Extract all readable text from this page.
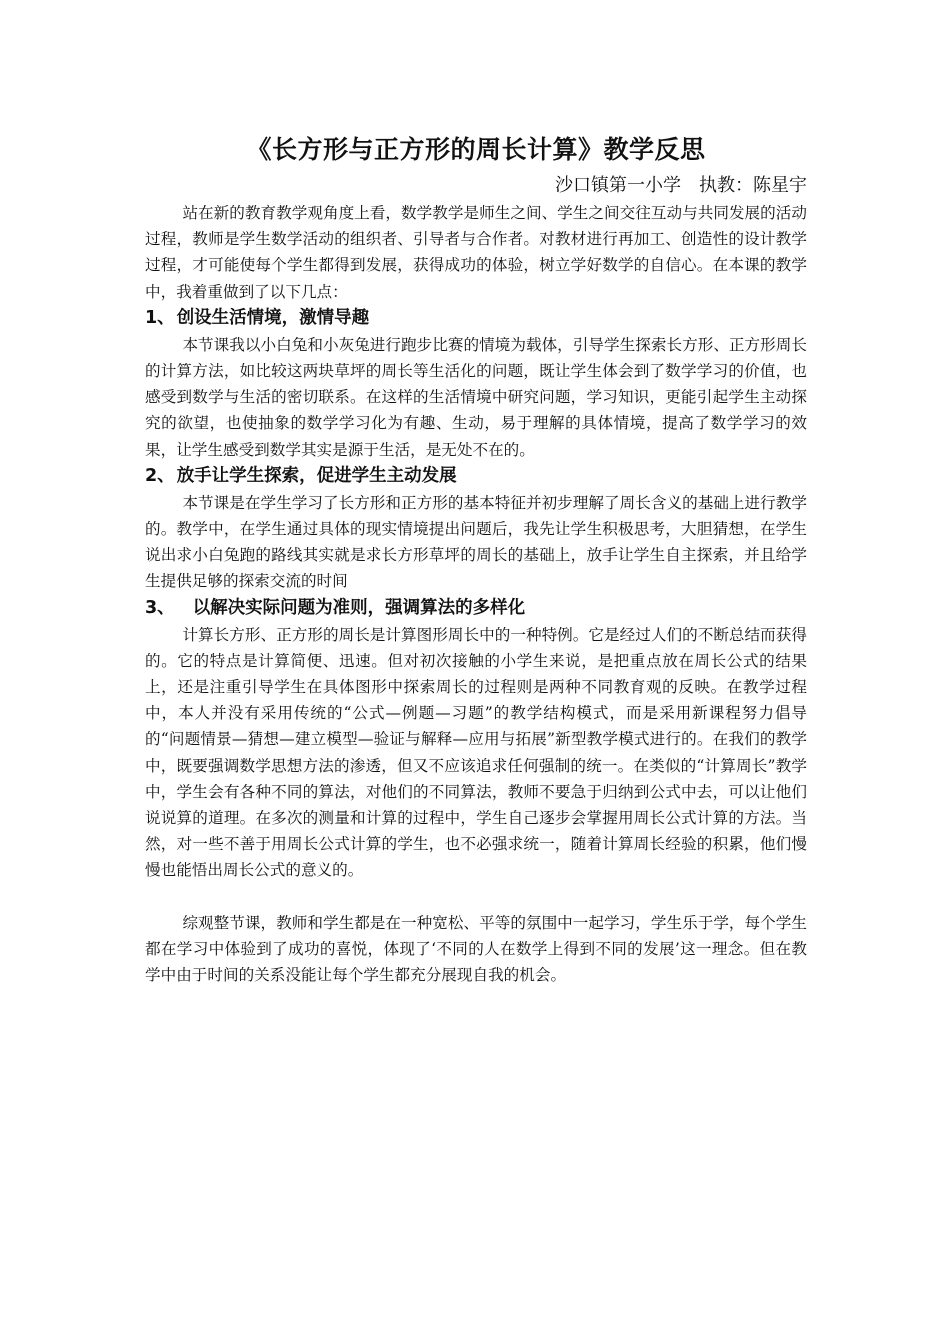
《长方形与正方形的周长计算》教学反思

沙口镇第一小学　执教：陈星宇

站在新的教育教学观角度上看，数学教学是师生之间、学生之间交往互动与共同发展的活动过程，教师是学生数学活动的组织者、引导者与合作者。对教材进行再加工、创造性的设计教学过程，才可能使每个学生都得到发展，获得成功的体验，树立学好数学的自信心。在本课的教学中，我着重做到了以下几点：

1、 创设生活情境，激情导趣

本节课我以小白兔和小灰兔进行跑步比赛的情境为载体，引导学生探索长方形、正方形周长的计算方法，如比较这两块草坪的周长等生活化的问题，既让学生体会到了数学学习的价值，也感受到数学与生活的密切联系。在这样的生活情境中研究问题，学习知识，更能引起学生主动探究的欲望，也使抽象的数学学习化为有趣、生动，易于理解的具体情境，提高了数学学习的效果，让学生感受到数学其实是源于生活，是无处不在的。

2、 放手让学生探索，促进学生主动发展

本节课是在学生学习了长方形和正方形的基本特征并初步理解了周长含义的基础上进行教学的。教学中，在学生通过具体的现实情境提出问题后，我先让学生积极思考，大胆猜想，在学生说出求小白兔跑的路线其实就是求长方形草坪的周长的基础上，放手让学生自主探索，并且给学生提供足够的探索交流的时间

3、 以解决实际问题为准则，强调算法的多样化

计算长方形、正方形的周长是计算图形周长中的一种特例。它是经过人们的不断总结而获得的。它的特点是计算简便、迅速。但对初次接触的小学生来说，是把重点放在周长公式的结果上，还是注重引导学生在具体图形中探索周长的过程则是两种不同教育观的反映。在教学过程中，本人并没有采用传统的“公式—例题—习题”的教学结构模式，而是采用新课程努力倡导的“问题情景—猜想—建立模型—验证与解释—应用与拓展”新型教学模式进行的。在我们的教学中，既要强调数学思想方法的渗透，但又不应该追求任何强制的统一。在类似的“计算周长”教学中，学生会有各种不同的算法，对他们的不同算法，教师不要急于归纳到公式中去，可以让他们说说算的道理。在多次的测量和计算的过程中，学生自己逐步会掌握用周长公式计算的方法。当然，对一些不善于用周长公式计算的学生，也不必强求统一，随着计算周长经验的积累，他们慢慢也能悟出周长公式的意义的。

综观整节课，教师和学生都是在一种宽松、平等的氛围中一起学习，学生乐于学，每个学生都在学习中体验到了成功的喜悦，体现了‘不同的人在数学上得到不同的发展’这一理念。但在教学中由于时间的关系没能让每个学生都充分展现自我的机会。
